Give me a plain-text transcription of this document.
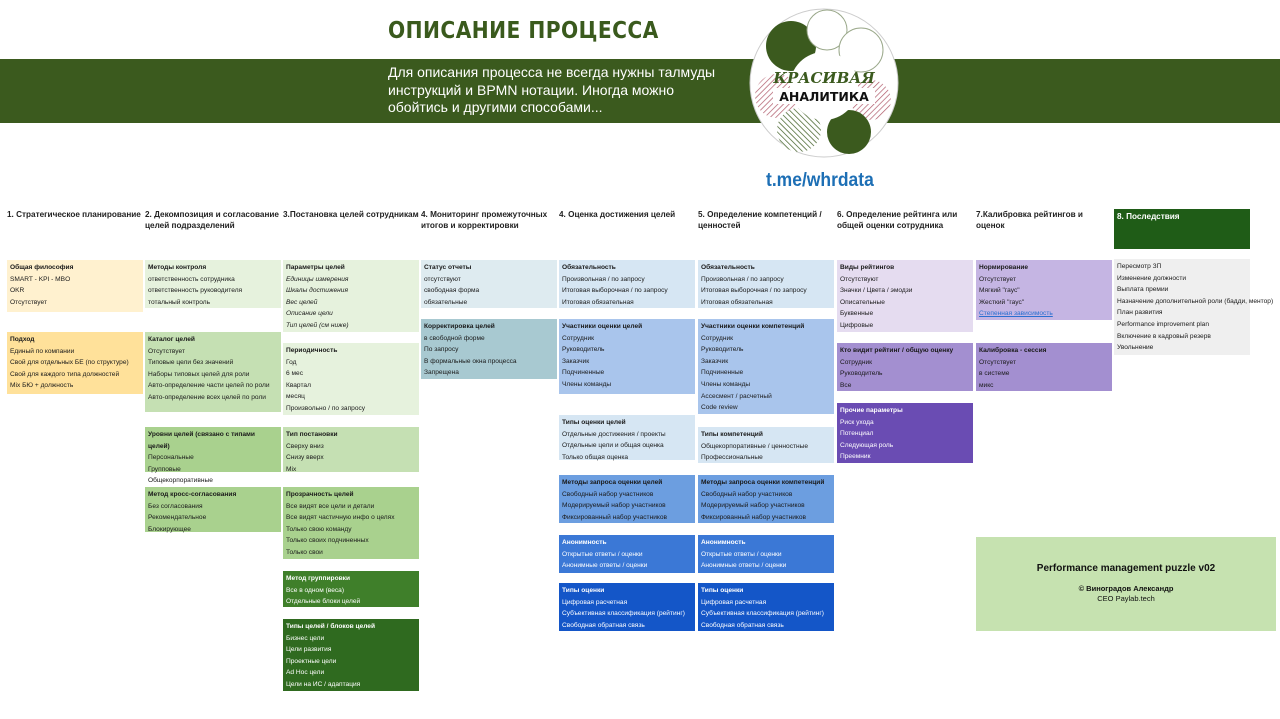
ОПИСАНИЕ ПРОЦЕССА
Для описания процесса не всегда нужны талмуды
инструкций и BPMN нотации. Иногда можно
обойтись и другими способами...
КРАСИВАЯ
АНАЛИТИКА
t.me/whrdata
1. Стратегическое планирование 2. Декомпозиция и согласование целей подразделений
3.Постановка целей сотрудникам 4. Мониторинг промежуточных итогов и корректировки
4. Оценка достижения целей	5. Определение компетенций / ценностей
6. Определение рейтинга или общей оценки сотрудника
7.Калибровка рейтингов и оценок
8. Последствия
Общая философия
SMART - KPI - MBO
OKR
Отсутствует
Подход
Единый по компании
Свой для отдельных БЕ (по структуре)
Свой для каждого типа должностей
Mix БЮ + должность
Методы контроля
ответственность сотрудника
ответственность руководителя
тотальный контроль
Каталог целей
Отсутствует
Типовые цели без значений
Наборы типовых целей для роли
Авто-определение части целей по роли
Авто-определение всех целей по роли
Уровни целей (связано с типами целей)
Персональные
Групповые
Общекорпоративные
Метод кросс-согласования
Без согласования
Рекомендательное
Блокирующее
Параметры целей
Единицы измерения
Шкалы достижения
Вес целей
Описание цели
Тип целей (см ниже)
Периодичность
Год
6 мес
Квартал
месяц
Произвольно / по запросу
Тип постановки
Сверху вниз
Снизу вверх
Mix
Прозрачность целей
Все видят все цели и детали
Все видят частичную инфо о целях
Только свою команду
Только своих подчиненных
Только свои
Метод группировки
Все в одном (веса)
Отдельные блоки целей
Типы целей / блоков целей
Бизнес цели
Цели развития
Проектные цели
Ad Hoc цели
Цели на ИС / адаптация
Статус отчеты
отсутствуют
свободная форма
обязательные
Корректировка целей
в свободной форме
По запросу
В формальные окна процесса
Запрещена
Обязательность
Произвольная / по запросу
Итоговая выборочная / по запросу
Итоговая обязательная
Участники оценки целей
Сотрудник
Руководитель
Заказчик
Подчиненные
Члены команды
Типы оценки целей
Отдельные достижения / проекты
Отдельные цели и общая оценка
Только общая оценка
Методы запроса оценки целей
Свободный набор участников
Модерируемый набор участников
Фиксированный набор участников
Анонимность
Открытые ответы / оценки
Анонимные ответы / оценки
Типы оценки
Цифровая расчетная
Субъективная классификация (рейтинг)
Свободная обратная связь
Обязательность
Произвольная / по запросу
Итоговая выборочная / по запросу
Итоговая обязательная
Участники оценки компетенций
Сотрудник
Руководитель
Заказчик
Подчиненные
Члены команды
Ассесмент / расчетный
Code review
Типы компетенций
Общекорпоративные / ценностные
Профессиональные
Методы запроса оценки компетенций
Свободный набор участников
Модерируемый набор участников
Фиксированный набор участников
Анонимность
Открытые ответы / оценки
Анонимные ответы / оценки
Типы оценки
Цифровая расчетная
Субъективная классификация (рейтинг)
Свободная обратная связь
Виды рейтингов
Отсутствуют
Значки / Цвета / эмодзи
Описательные
Буквенные
Цифровые
Кто видит рейтинг / общую оценку
Сотрудник
Руководитель
Все
Прочие параметры
Риск ухода
Потенциал
Следующая роль
Преемник
Нормирование
Отсутствует
Мягкий "гаус"
Жесткий "гаус"
Степенная зависимость
Калибровка - сессия
Отсутствует
в системе
микс
Пересмотр ЗП
Изменение должности
Выплата премии
Назначение дополнительной роли (бадди, ментор)
План развития
Performance improvement plan
Включение в кадровый резерв
Увольнение
Performance management puzzle v02
© Виноградов Александр
CEO Paylab.tech
